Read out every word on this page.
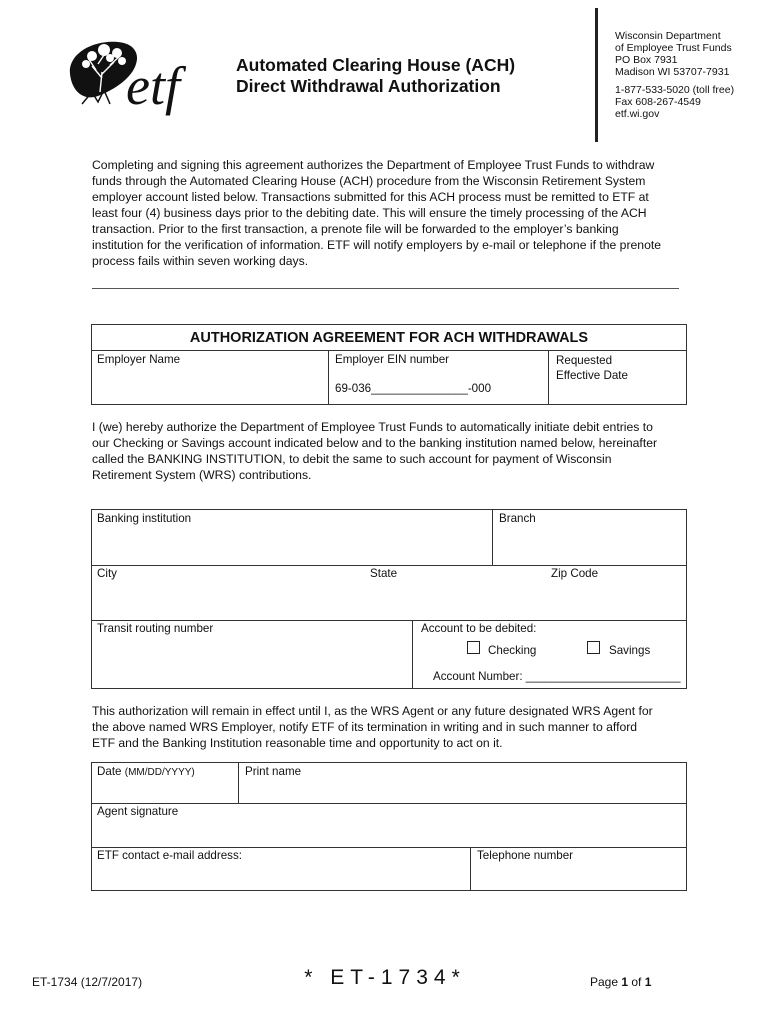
etf	Automated Clearing House (ACH)
Direct Withdrawal Authorization
Wisconsin Department
of Employee Trust Funds
PO Box 7931
Madison WI 53707-7931
1-877-533-5020 (toll free)
Fax 608-267-4549
etf.wi.gov
Completing and signing this agreement authorizes the Department of Employee Trust Funds to withdraw
funds through the Automated Clearing House (ACH) procedure from the Wisconsin Retirement System
employer account listed below. Transactions submitted for this ACH process must be remitted to ETF at
least four (4) business days prior to the debiting date. This will ensure the timely processing of the ACH
transaction. Prior to the first transaction, a prenote file will be forwarded to the employer’s banking
institution for the verification of information. ETF will notify employers by e-mail or telephone if the prenote
process fails within seven working days.
AUTHORIZATION AGREEMENT FOR ACH WITHDRAWALS
Employer Name	Employer EIN number
69-036_______________-000
Requested
Effective Date
I (we) hereby authorize the Department of Employee Trust Funds to automatically initiate debit entries to
our Checking or Savings account indicated below and to the banking institution named below, hereinafter
called the BANKING INSTITUTION, to debit the same to such account for payment of Wisconsin
Retirement System (WRS) contributions.
Banking institution	Branch
City	State	Zip Code
Transit routing number	Account to be debited:
Checking	Savings
Account Number: ________________________
This authorization will remain in effect until I, as the WRS Agent or any future designated WRS Agent for
the above named WRS Employer, notify ETF of its termination in writing and in such manner to afford
ETF and the Banking Institution reasonable time and opportunity to act on it.
Date (MM/DD/YYYY)	Print name
Agent signature
ETF contact e-mail address:	Telephone number
ET-1734 (12/7/2017)	* ET-1734*	Page 1 of 1
